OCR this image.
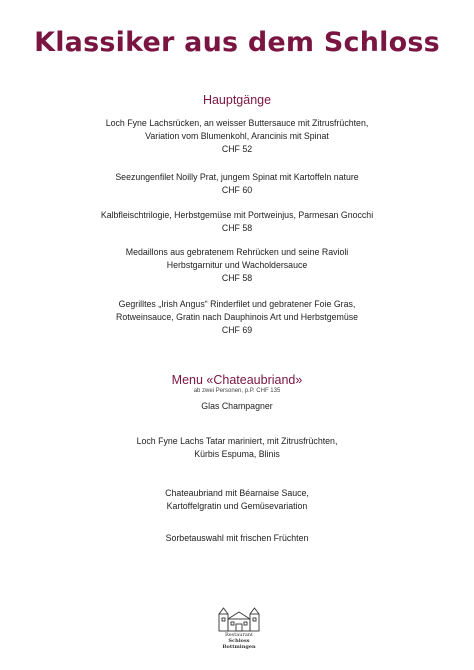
Klassiker aus dem Schloss
Hauptgänge
Loch Fyne Lachsrücken, an weisser Buttersauce mit Zitrusfrüchten,
Variation vom Blumenkohl, Arancinis mit Spinat
CHF 52
Seezungenfilet Noilly Prat, jungem Spinat mit Kartoffeln nature
CHF 60
Kalbfleischtrilogie, Herbstgemüse mit Portweinjus, Parmesan Gnocchi
CHF 58
Medaillons aus gebratenem Rehrücken und seine Ravioli
Herbstgarnitur und Wacholdersauce
CHF 58
Gegrilltes „Irish Angus“ Rinderfilet und gebratener Foie Gras,
Rotweinsauce, Gratin nach Dauphinois Art und Herbstgemüse
CHF 69
Menu «Chateaubriand»
ab zwei Personen, p.P. CHF 135
Glas Champagner
Loch Fyne Lachs Tatar mariniert, mit Zitrusfrüchten,
Kürbis Espuma, Blinis
Chateaubriand mit Béarnaise Sauce,
Kartoffelgratin und Gemüsevariation
Sorbetauswahl mit frischen Früchten
Restaurant
Schloss
Bottmingen
